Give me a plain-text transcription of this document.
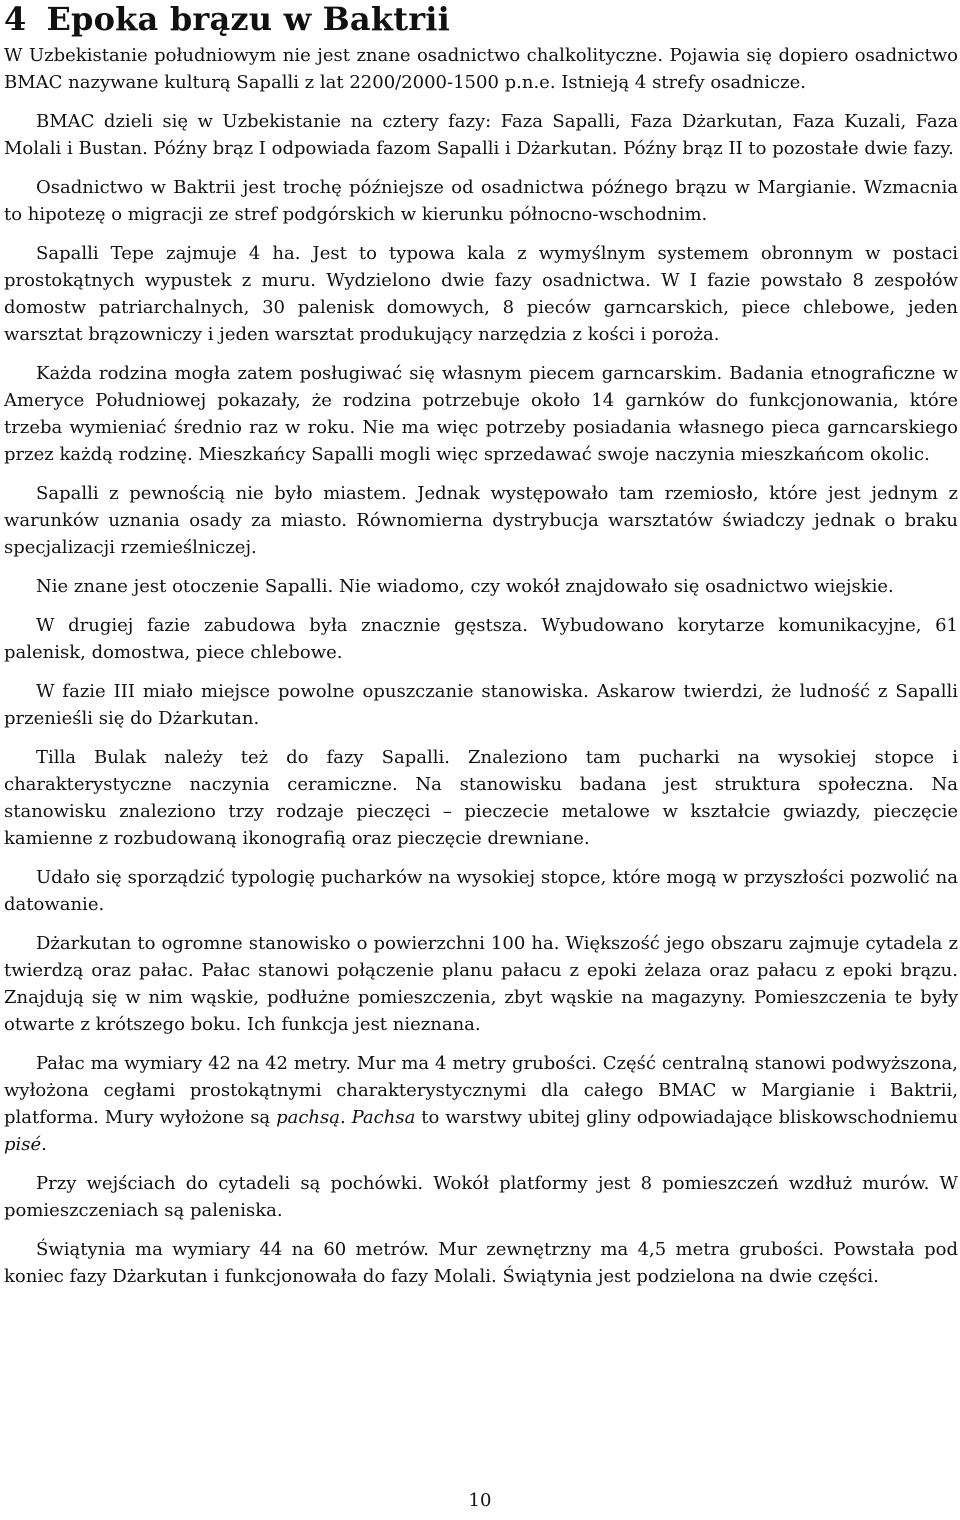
4 Epoka brązu w Baktrii

W Uzbekistanie południowym nie jest znane osadnictwo chalkolityczne. Pojawia się dopiero osadnictwo BMAC nazywane kulturą Sapalli z lat 2200/2000-1500 p.n.e. Istnieją 4 strefy osadnicze.

BMAC dzieli się w Uzbekistanie na cztery fazy: Faza Sapalli, Faza Dżarkutan, Faza Kuzali, Faza Molali i Bustan. Późny brąz I odpowiada fazom Sapalli i Dżarkutan. Późny brąz II to pozostałe dwie fazy.

Osadnictwo w Baktrii jest trochę późniejsze od osadnictwa późnego brązu w Margianie. Wzmacnia to hipotezę o migracji ze stref podgórskich w kierunku północno-wschodnim.

Sapalli Tepe zajmuje 4 ha. Jest to typowa kala z wymyślnym systemem obronnym w postaci prostokątnych wypustek z muru. Wydzielono dwie fazy osadnictwa. W I fazie powstało 8 zespołów domostw patriarchalnych, 30 palenisk domowych, 8 pieców garncarskich, piece chlebowe, jeden warsztat brązowniczy i jeden warsztat produkujący narzędzia z kości i poroża.

Każda rodzina mogła zatem posługiwać się własnym piecem garncarskim. Badania etnograficzne w Ameryce Południowej pokazały, że rodzina potrzebuje około 14 garnków do funkcjonowania, które trzeba wymieniać średnio raz w roku. Nie ma więc potrzeby posiadania własnego pieca garncarskiego przez każdą rodzinę. Mieszkańcy Sapalli mogli więc sprzedawać swoje naczynia mieszkańcom okolic.

Sapalli z pewnością nie było miastem. Jednak występowało tam rzemiosło, które jest jednym z warunków uznania osady za miasto. Równomierna dystrybucja warsztatów świadczy jednak o braku specjalizacji rzemieślniczej.

Nie znane jest otoczenie Sapalli. Nie wiadomo, czy wokół znajdowało się osadnictwo wiejskie.

W drugiej fazie zabudowa była znacznie gęstsza. Wybudowano korytarze komunikacyjne, 61 palenisk, domostwa, piece chlebowe.

W fazie III miało miejsce powolne opuszczanie stanowiska. Askarow twierdzi, że ludność z Sapalli przenieśli się do Dżarkutan.

Tilla Bulak należy też do fazy Sapalli. Znaleziono tam pucharki na wysokiej stopce i charakterystyczne naczynia ceramiczne. Na stanowisku badana jest struktura społeczna. Na stanowisku znaleziono trzy rodzaje pieczęci – pieczecie metalowe w kształcie gwiazdy, pieczęcie kamienne z rozbudowaną ikonografią oraz pieczęcie drewniane.

Udało się sporządzić typologię pucharków na wysokiej stopce, które mogą w przyszłości pozwolić na datowanie.

Dżarkutan to ogromne stanowisko o powierzchni 100 ha. Większość jego obszaru zajmuje cytadela z twierdzą oraz pałac. Pałac stanowi połączenie planu pałacu z epoki żelaza oraz pałacu z epoki brązu. Znajdują się w nim wąskie, podłużne pomieszczenia, zbyt wąskie na magazyny. Pomieszczenia te były otwarte z krótszego boku. Ich funkcja jest nieznana.

Pałac ma wymiary 42 na 42 metry. Mur ma 4 metry grubości. Część centralną stanowi podwyższona, wyłożona cegłami prostokątnymi charakterystycznymi dla całego BMAC w Margianie i Baktrii, platforma. Mury wyłożone są pachsą. Pachsa to warstwy ubitej gliny odpowiadające bliskowschodniemu pisé.

Przy wejściach do cytadeli są pochówki. Wokół platformy jest 8 pomieszczeń wzdłuż murów. W pomieszczeniach są paleniska.

Świątynia ma wymiary 44 na 60 metrów. Mur zewnętrzny ma 4,5 metra grubości. Powstała pod koniec fazy Dżarkutan i funkcjonowała do fazy Molali. Świątynia jest podzielona na dwie części.

10
